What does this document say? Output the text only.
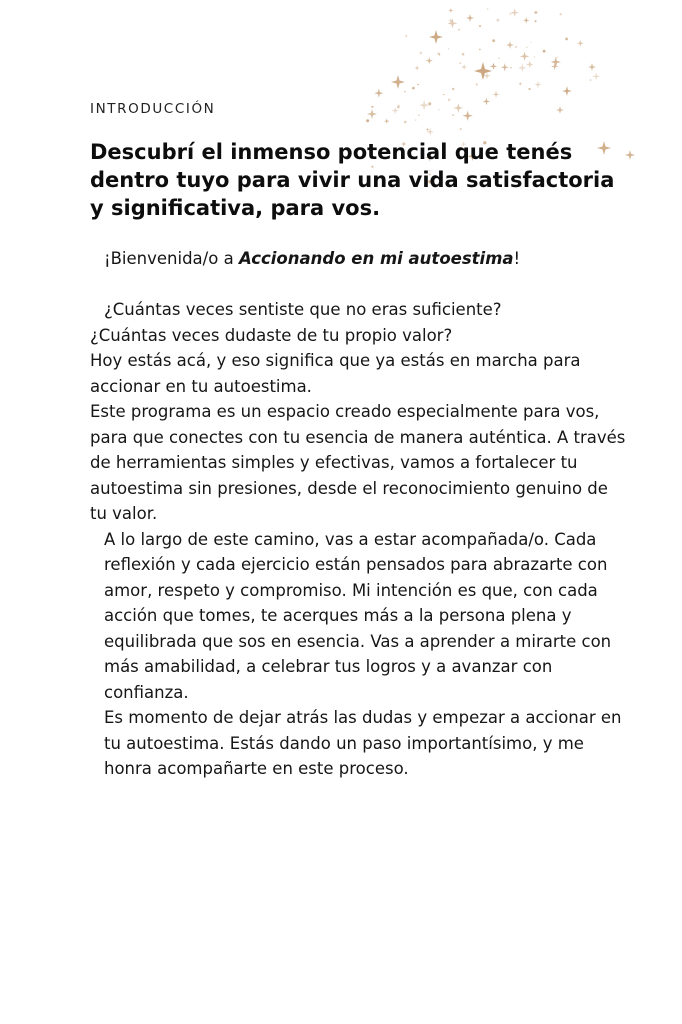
INTRODUCCIÓN
Descubrí el inmenso potencial que tenés dentro tuyo para vivir una vida satisfactoria y significativa, para vos.

¡Bienvenida/o a Accionando en mi autoestima!

¿Cuántas veces sentiste que no eras suficiente?

¿Cuántas veces dudaste de tu propio valor?

Hoy estás acá, y eso significa que ya estás en marcha para accionar en tu autoestima.

Este programa es un espacio creado especialmente para vos, para que conectes con tu esencia de manera auténtica. A través de herramientas simples y efectivas, vamos a fortalecer tu autoestima sin presiones, desde el reconocimiento genuino de tu valor.

A lo largo de este camino, vas a estar acompañada/o. Cada reflexión y cada ejercicio están pensados para abrazarte con amor, respeto y compromiso. Mi intención es que, con cada acción que tomes, te acerques más a la persona plena y equilibrada que sos en esencia. Vas a aprender a mirarte con más amabilidad, a celebrar tus logros y a avanzar con confianza.

Es momento de dejar atrás las dudas y empezar a accionar en tu autoestima. Estás dando un paso importantísimo, y me honra acompañarte en este proceso.
